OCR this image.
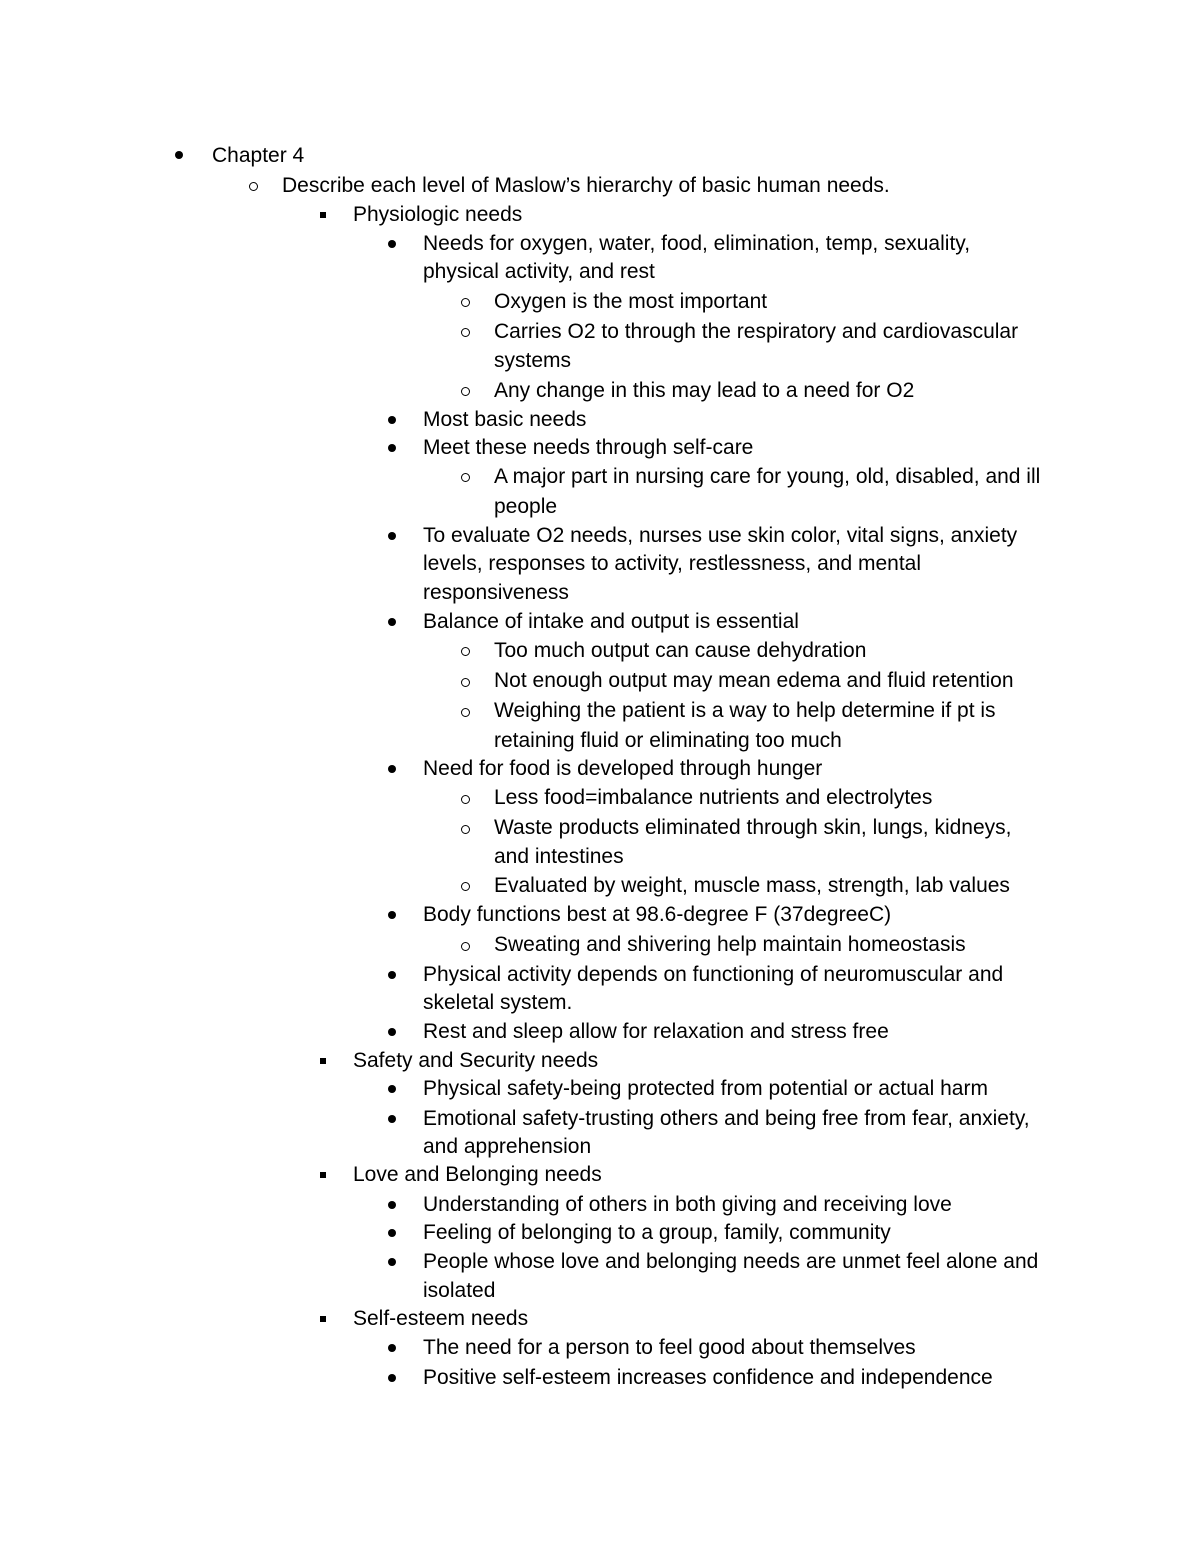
Chapter 4
Describe each level of Maslow’s hierarchy of basic human needs.
Physiologic needs
Needs for oxygen, water, food, elimination, temp, sexuality,
physical activity, and rest
Oxygen is the most important
Carries O2 to through the respiratory and cardiovascular
systems
Any change in this may lead to a need for O2
Most basic needs
Meet these needs through self-care
A major part in nursing care for young, old, disabled, and ill
people
To evaluate O2 needs, nurses use skin color, vital signs, anxiety
levels, responses to activity, restlessness, and mental
responsiveness
Balance of intake and output is essential
Too much output can cause dehydration
Not enough output may mean edema and fluid retention
Weighing the patient is a way to help determine if pt is
retaining fluid or eliminating too much
Need for food is developed through hunger
Less food=imbalance nutrients and electrolytes
Waste products eliminated through skin, lungs, kidneys,
and intestines
Evaluated by weight, muscle mass, strength, lab values
Body functions best at 98.6-degree F (37degreeC)
Sweating and shivering help maintain homeostasis
Physical activity depends on functioning of neuromuscular and
skeletal system.
Rest and sleep allow for relaxation and stress free
Safety and Security needs
Physical safety-being protected from potential or actual harm
Emotional safety-trusting others and being free from fear, anxiety,
and apprehension
Love and Belonging needs
Understanding of others in both giving and receiving love
Feeling of belonging to a group, family, community
People whose love and belonging needs are unmet feel alone and
isolated
Self-esteem needs
The need for a person to feel good about themselves
Positive self-esteem increases confidence and independence
